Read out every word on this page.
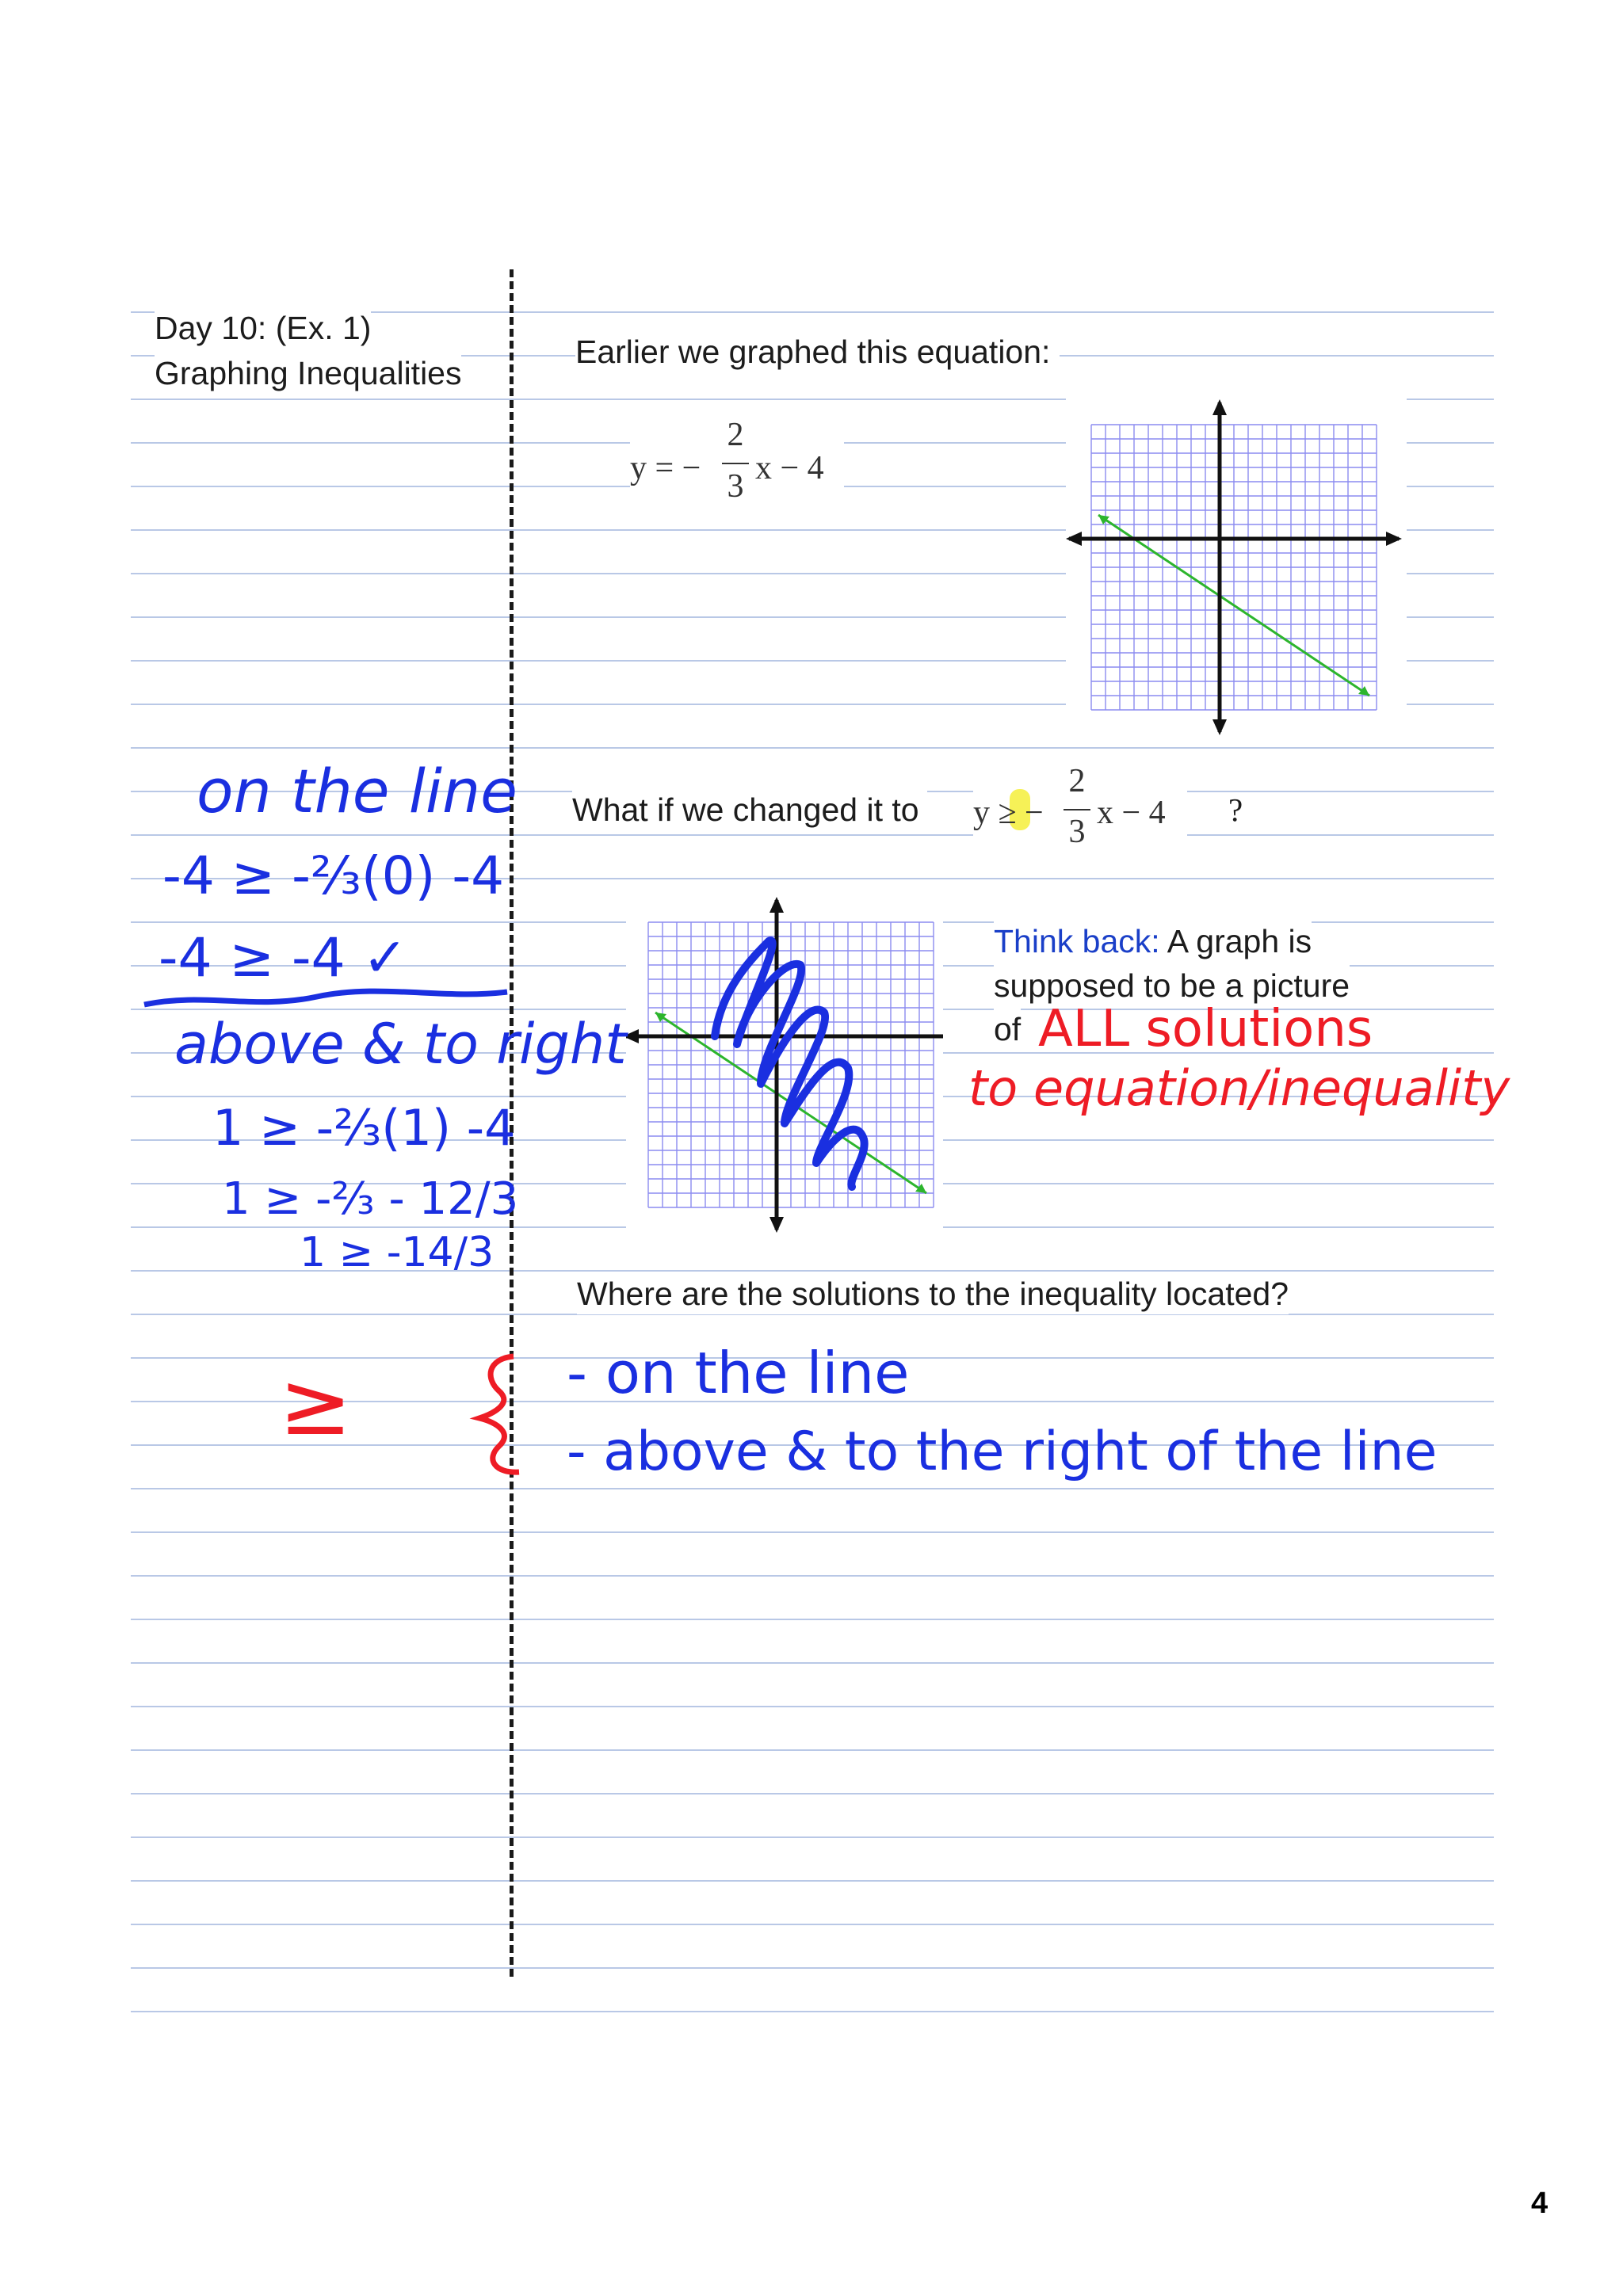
Day 10: (Ex. 1)
Graphing Inequalities
Earlier we graphed this equation:
y = −
2
3 x − 4
What if we changed it to y ≥ −
2
3
x − 4 ?
Think back: A graph is
supposed to be a picture
of
Where are the solutions to the inequality located?
4
on the line
-4 ≥ -⅔(0) -4
-4 ≥ -4 ✓
above & to right
1 ≥ -⅔(1) -4
1 ≥ -⅔ - 12/3
1 ≥ -14/3
ALL solutions
to equation/inequality
≥	- on the line
- above & to the right of the line
